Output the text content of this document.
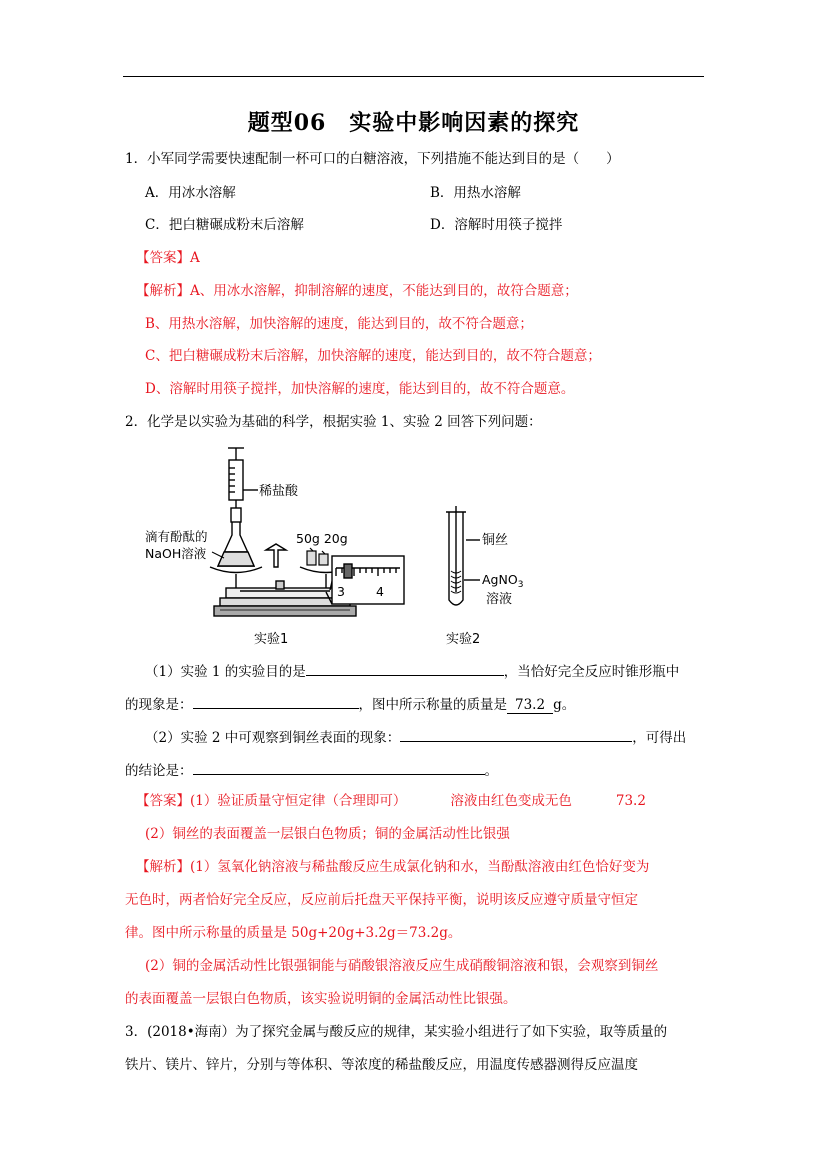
题型06　实验中影响因素的探究
1．小军同学需要快速配制一杯可口的白糖溶液，下列措施不能达到目的是（　　）
A．用冰水溶解	B．用热水溶解
C．把白糖碾成粉末后溶解	D．溶解时用筷子搅拌
【答案】A
【解析】A、用冰水溶解，抑制溶解的速度，不能达到目的，故符合题意；
B、用热水溶解，加快溶解的速度，能达到目的，故不符合题意；
C、把白糖碾成粉末后溶解，加快溶解的速度，能达到目的，故不符合题意；
D、溶解时用筷子搅拌，加快溶解的速度，能达到目的，故不符合题意。
2．化学是以实验为基础的科学，根据实验 1、实验 2 回答下列问题：
稀盐酸
滴有酚酞的
NaOH溶液
50g 20g
3 4
实验1
铜丝
AgNO$_3$
溶液
实验2
（1）实验 1 的实验目的是	，当恰好完全反应时锥形瓶中
的现象是：	，图中所示称量的质量是 73.2 g。
（2）实验 2 中可观察到铜丝表面的现象：	，可得出
的结论是：	。
【答案】(1）验证质量守恒定律（合理即可）	溶液由红色变成无色	73.2
(2）铜丝的表面覆盖一层银白色物质；铜的金属活动性比银强
【解析】(1）氢氧化钠溶液与稀盐酸反应生成氯化钠和水，当酚酞溶液由红色恰好变为
无色时，两者恰好完全反应，反应前后托盘天平保持平衡，说明该反应遵守质量守恒定
律。图中所示称量的质量是 50g+20g+3.2g＝73.2g。
(2）铜的金属活动性比银强铜能与硝酸银溶液反应生成硝酸铜溶液和银，会观察到铜丝
的表面覆盖一层银白色物质，该实验说明铜的金属活动性比银强。
3．(2018•海南）为了探究金属与酸反应的规律，某实验小组进行了如下实验，取等质量的
铁片、镁片、锌片，分别与等体积、等浓度的稀盐酸反应，用温度传感器测得反应温度
